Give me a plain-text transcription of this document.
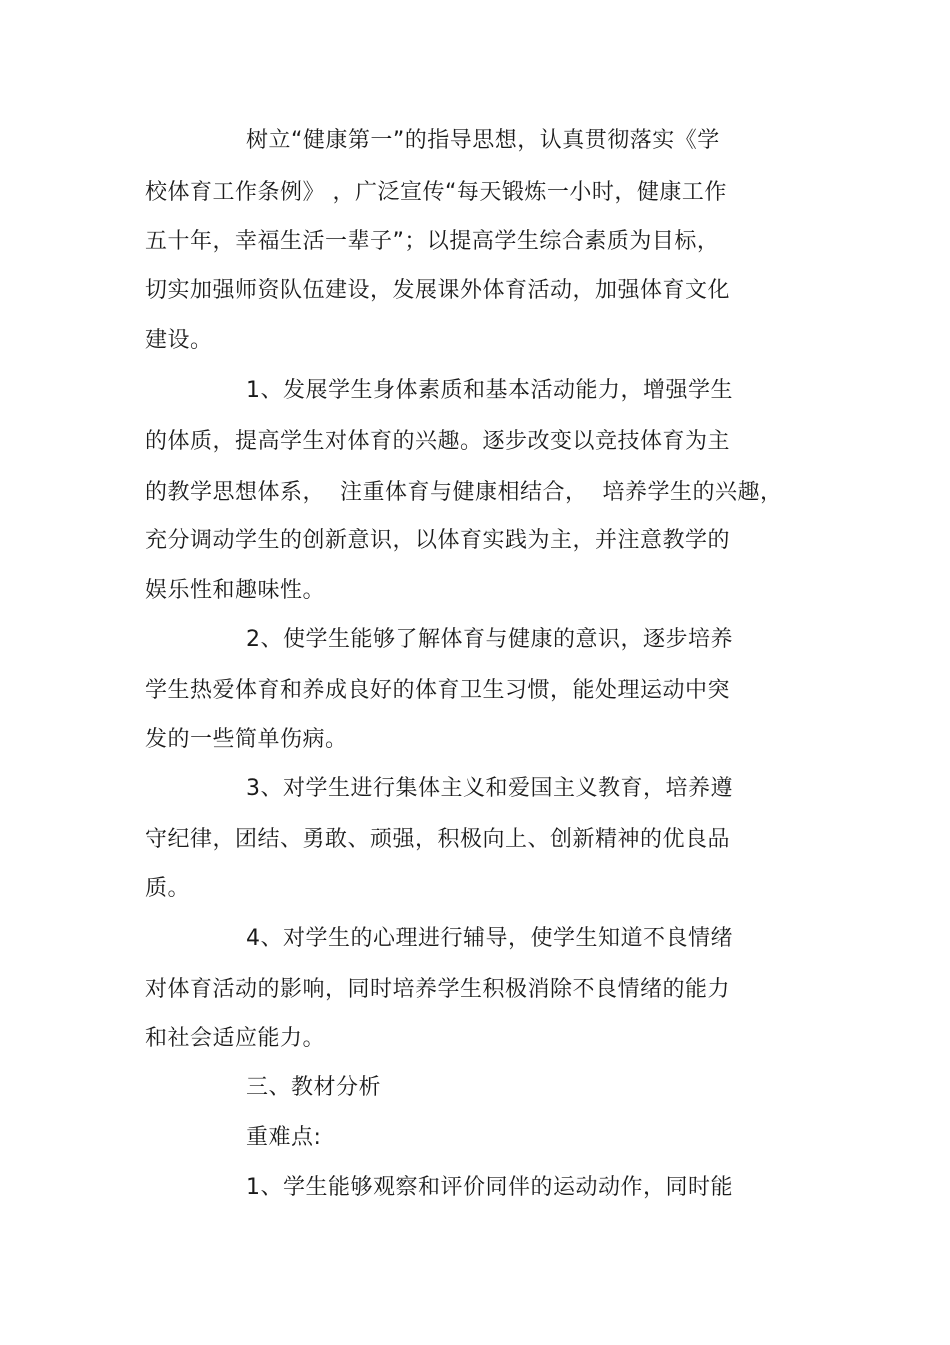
树立“健康第一”的指导思想，认真贯彻落实《学
校体育工作条例》 ，广泛宣传“每天锻炼一小时，健康工作
五十年，幸福生活一辈子”；以提高学生综合素质为目标，
切实加强师资队伍建设，发展课外体育活动，加强体育文化
建设。
1、发展学生身体素质和基本活动能力，增强学生
的体质，提高学生对体育的兴趣。逐步改变以竞技体育为主
的教学思想体系，  注重体育与健康相结合，  培养学生的兴趣，
充分调动学生的创新意识，以体育实践为主，并注意教学的
娱乐性和趣味性。
2、使学生能够了解体育与健康的意识，逐步培养
学生热爱体育和养成良好的体育卫生习惯，能处理运动中突
发的一些简单伤病。
3、对学生进行集体主义和爱国主义教育，培养遵
守纪律，团结、勇敢、顽强，积极向上、创新精神的优良品
质。
4、对学生的心理进行辅导，使学生知道不良情绪
对体育活动的影响，同时培养学生积极消除不良情绪的能力
和社会适应能力。
三、教材分析
重难点:
1、学生能够观察和评价同伴的运动动作，同时能
